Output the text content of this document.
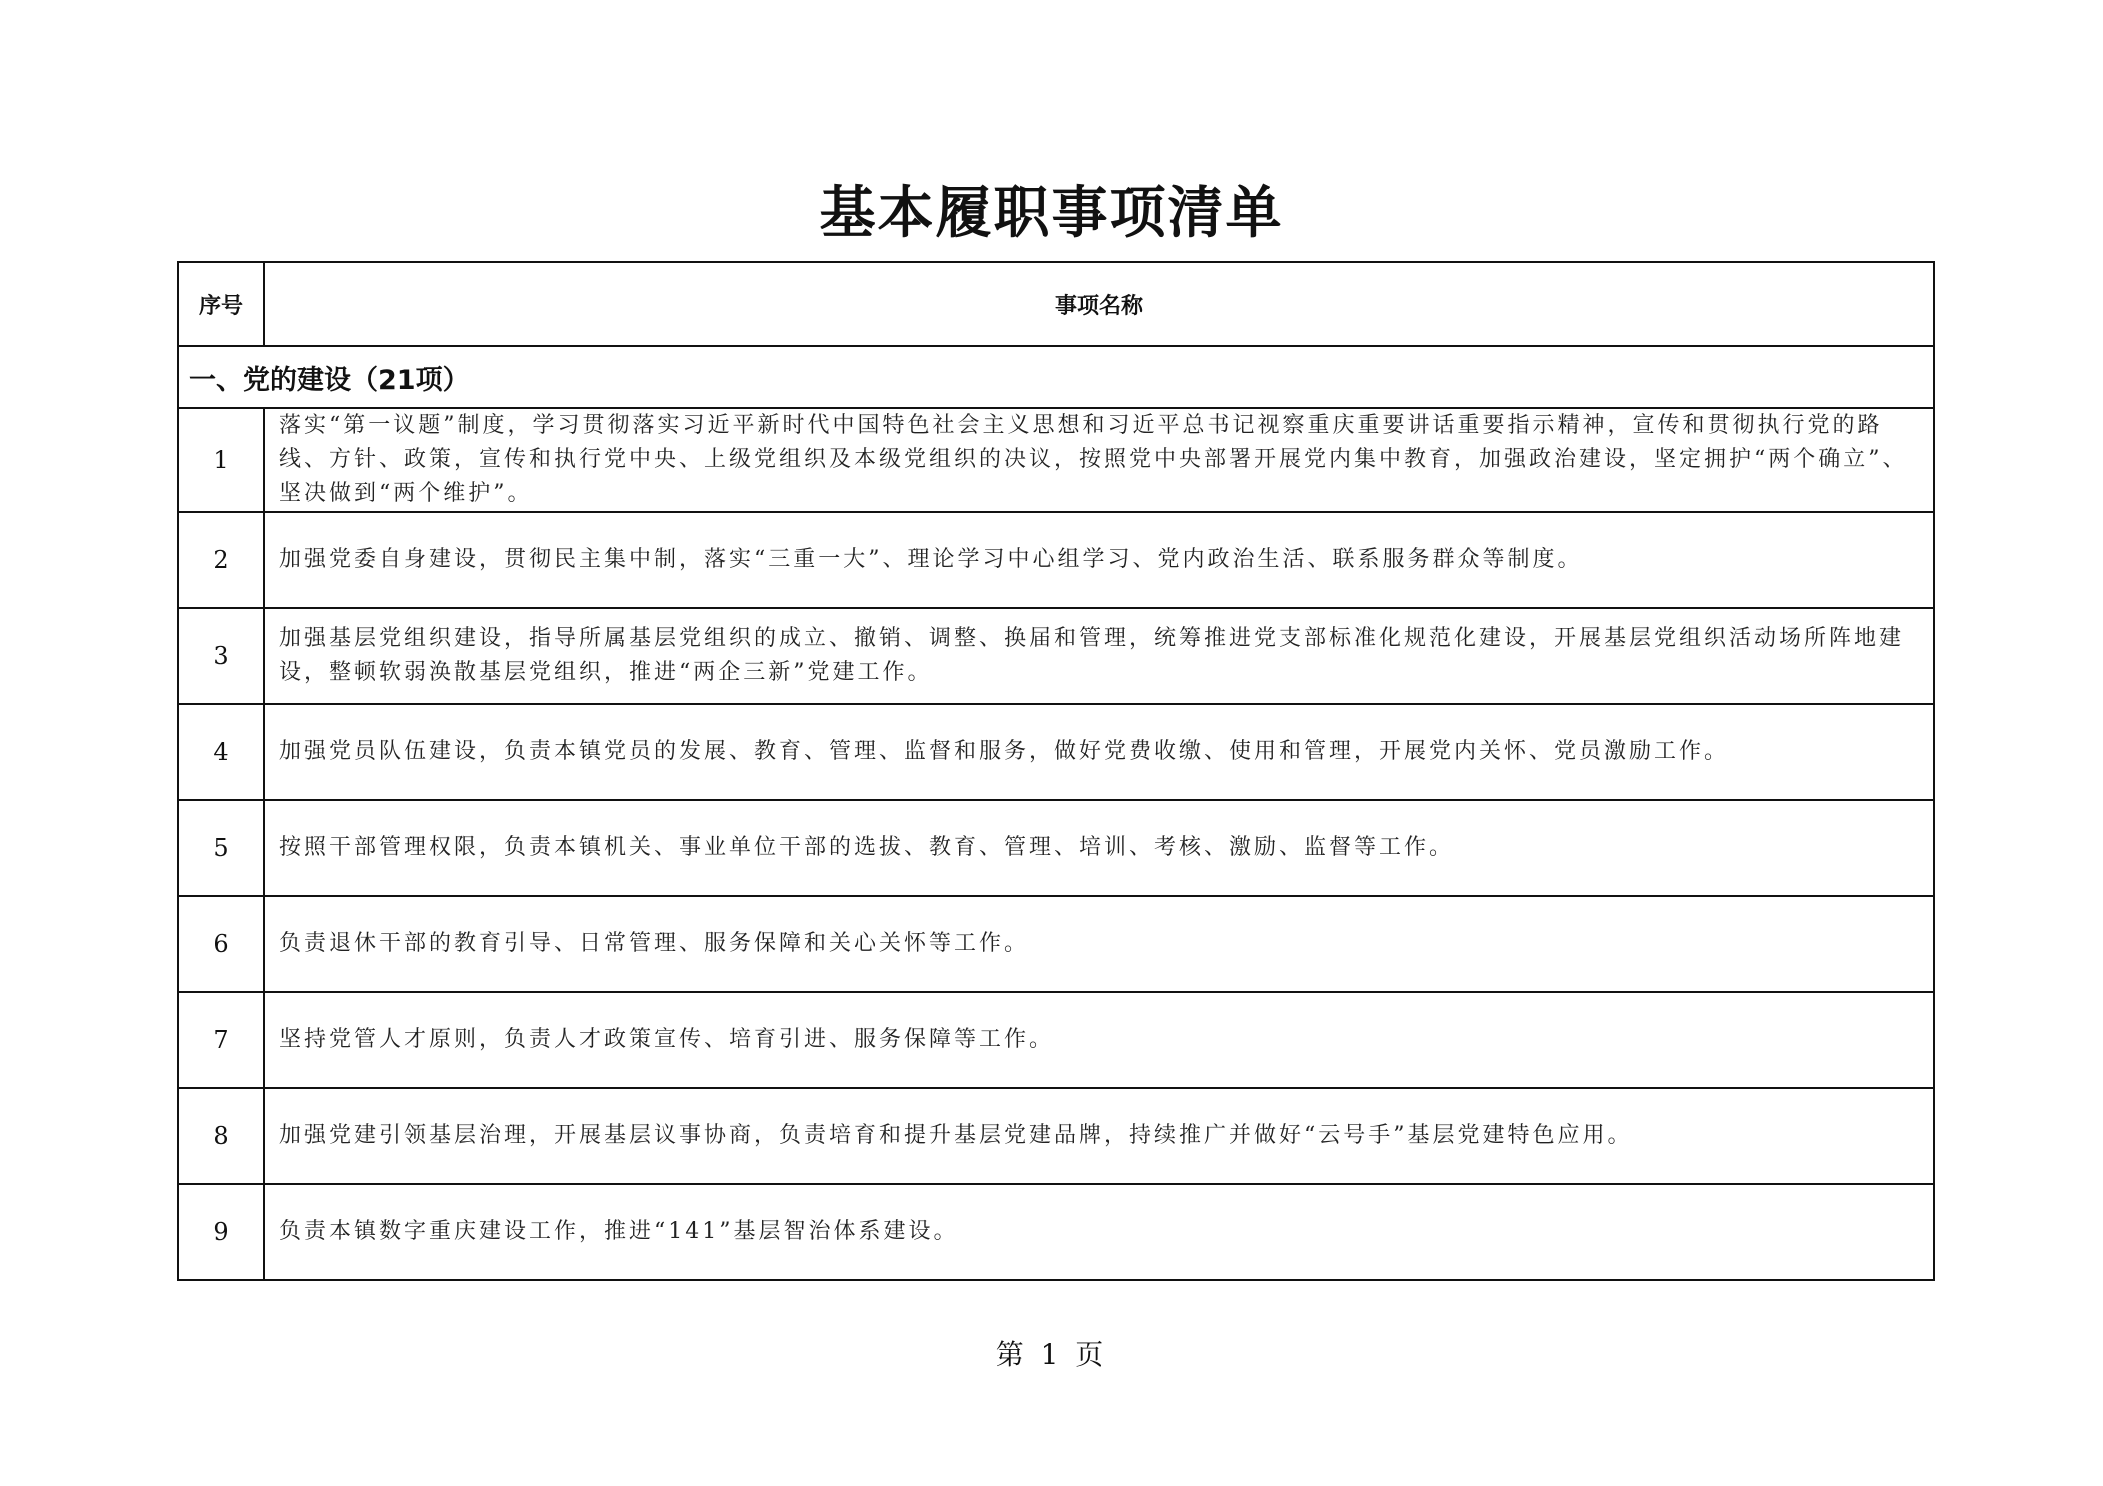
基本履职事项清单
序号	事项名称
一、党的建设（21项）	
1	落实“第一议题”制度，学习贯彻落实习近平新时代中国特色社会主义思想和习近平总书记视察重庆重要讲话重要指示精神，宣传和贯彻执行党的路线、方针、政策，宣传和执行党中央、上级党组织及本级党组织的决议，按照党中央部署开展党内集中教育，加强政治建设，坚定拥护“两个确立”、坚决做到“两个维护”。
2	加强党委自身建设，贯彻民主集中制，落实“三重一大”、理论学习中心组学习、党内政治生活、联系服务群众等制度。
3	加强基层党组织建设，指导所属基层党组织的成立、撤销、调整、换届和管理，统筹推进党支部标准化规范化建设，开展基层党组织活动场所阵地建设，整顿软弱涣散基层党组织，推进“两企三新”党建工作。
4	加强党员队伍建设，负责本镇党员的发展、教育、管理、监督和服务，做好党费收缴、使用和管理，开展党内关怀、党员激励工作。
5	按照干部管理权限，负责本镇机关、事业单位干部的选拔、教育、管理、培训、考核、激励、监督等工作。
6	负责退休干部的教育引导、日常管理、服务保障和关心关怀等工作。
7	坚持党管人才原则，负责人才政策宣传、培育引进、服务保障等工作。
8	加强党建引领基层治理，开展基层议事协商，负责培育和提升基层党建品牌，持续推广并做好“云号手”基层党建特色应用。
9	负责本镇数字重庆建设工作，推进“141”基层智治体系建设。
第 1 页
